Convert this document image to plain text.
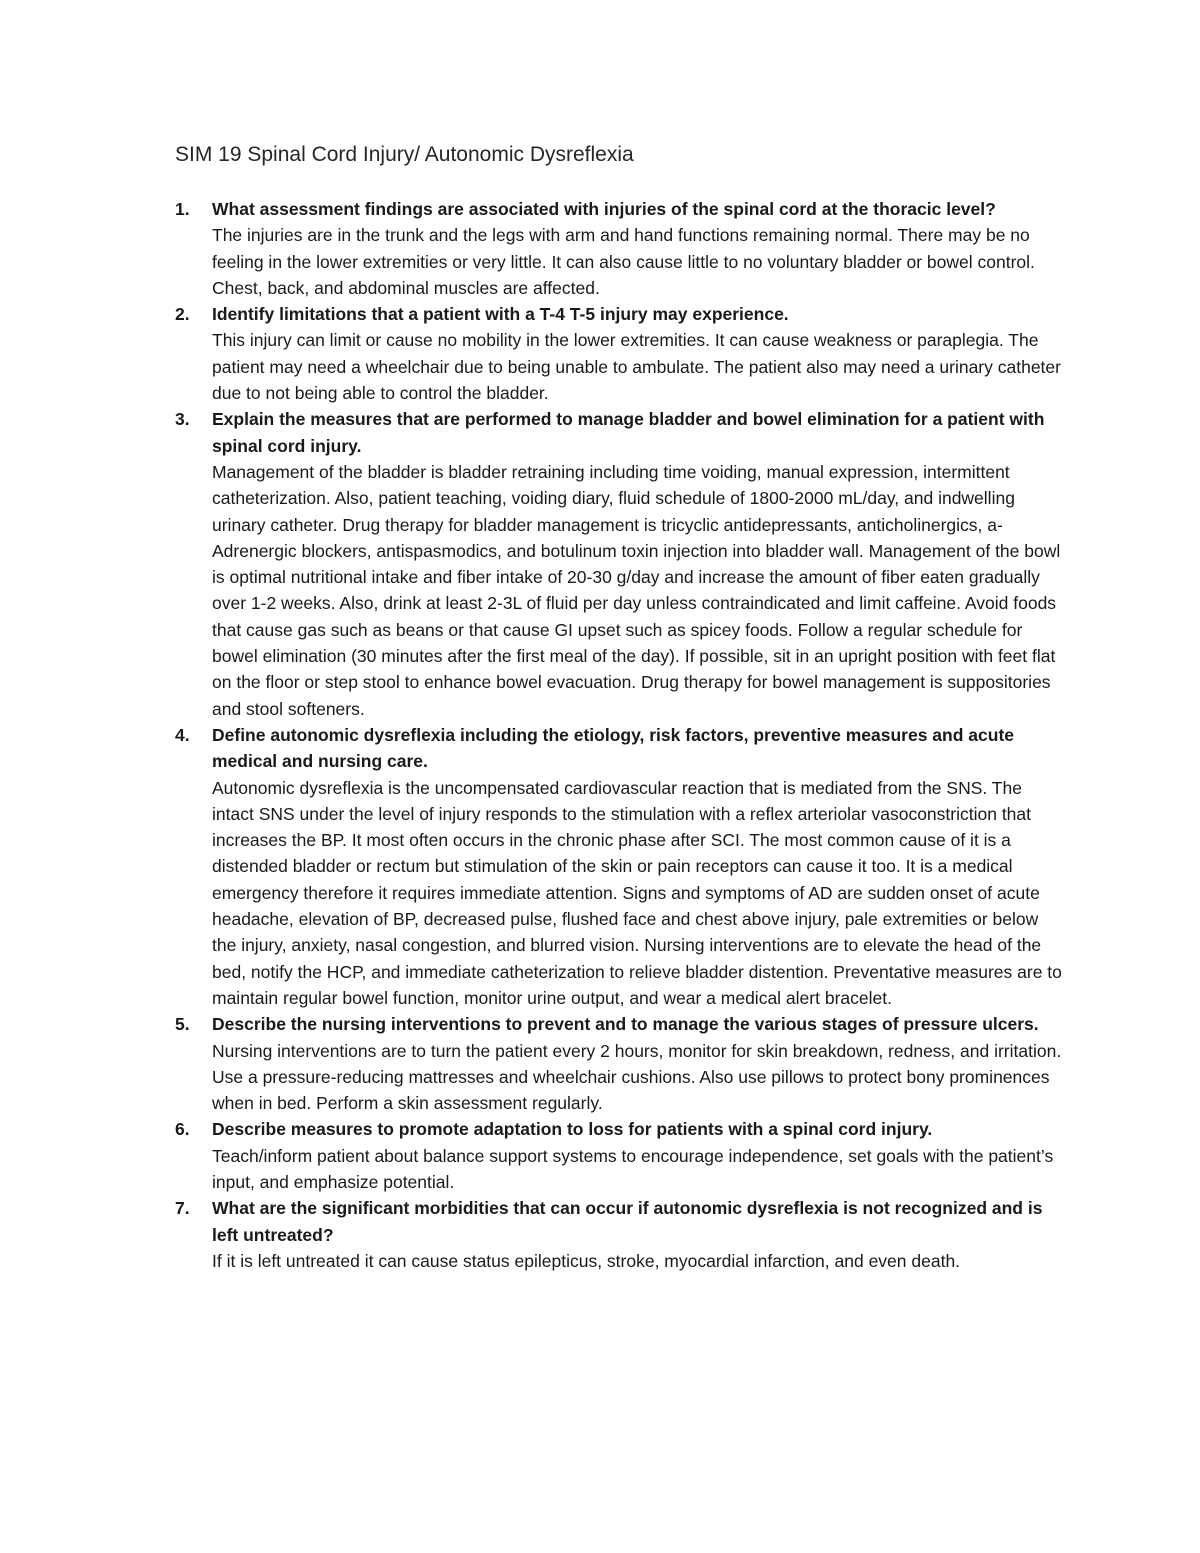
SIM 19 Spinal Cord Injury/ Autonomic Dysreflexia
1. What assessment findings are associated with injuries of the spinal cord at the thoracic level?
The injuries are in the trunk and the legs with arm and hand functions remaining normal. There may be no feeling in the lower extremities or very little. It can also cause little to no voluntary bladder or bowel control. Chest, back, and abdominal muscles are affected.
2. Identify limitations that a patient with a T-4 T-5 injury may experience.
This injury can limit or cause no mobility in the lower extremities. It can cause weakness or paraplegia. The patient may need a wheelchair due to being unable to ambulate. The patient also may need a urinary catheter due to not being able to control the bladder.
3. Explain the measures that are performed to manage bladder and bowel elimination for a patient with spinal cord injury.
Management of the bladder is bladder retraining including time voiding, manual expression, intermittent catheterization. Also, patient teaching, voiding diary, fluid schedule of 1800-2000 mL/day, and indwelling urinary catheter. Drug therapy for bladder management is tricyclic antidepressants, anticholinergics, a-Adrenergic blockers, antispasmodics, and botulinum toxin injection into bladder wall. Management of the bowl is optimal nutritional intake and fiber intake of 20-30 g/day and increase the amount of fiber eaten gradually over 1-2 weeks. Also, drink at least 2-3L of fluid per day unless contraindicated and limit caffeine. Avoid foods that cause gas such as beans or that cause GI upset such as spicey foods. Follow a regular schedule for bowel elimination (30 minutes after the first meal of the day). If possible, sit in an upright position with feet flat on the floor or step stool to enhance bowel evacuation. Drug therapy for bowel management is suppositories and stool softeners.
4. Define autonomic dysreflexia including the etiology, risk factors, preventive measures and acute medical and nursing care.
Autonomic dysreflexia is the uncompensated cardiovascular reaction that is mediated from the SNS. The intact SNS under the level of injury responds to the stimulation with a reflex arteriolar vasoconstriction that increases the BP. It most often occurs in the chronic phase after SCI. The most common cause of it is a distended bladder or rectum but stimulation of the skin or pain receptors can cause it too. It is a medical emergency therefore it requires immediate attention. Signs and symptoms of AD are sudden onset of acute headache, elevation of BP, decreased pulse, flushed face and chest above injury, pale extremities or below the injury, anxiety, nasal congestion, and blurred vision. Nursing interventions are to elevate the head of the bed, notify the HCP, and immediate catheterization to relieve bladder distention. Preventative measures are to maintain regular bowel function, monitor urine output, and wear a medical alert bracelet.
5. Describe the nursing interventions to prevent and to manage the various stages of pressure ulcers.
Nursing interventions are to turn the patient every 2 hours, monitor for skin breakdown, redness, and irritation. Use a pressure-reducing mattresses and wheelchair cushions. Also use pillows to protect bony prominences when in bed. Perform a skin assessment regularly.
6. Describe measures to promote adaptation to loss for patients with a spinal cord injury.
Teach/inform patient about balance support systems to encourage independence, set goals with the patient’s input, and emphasize potential.
7. What are the significant morbidities that can occur if autonomic dysreflexia is not recognized and is left untreated?
If it is left untreated it can cause status epilepticus, stroke, myocardial infarction, and even death.
